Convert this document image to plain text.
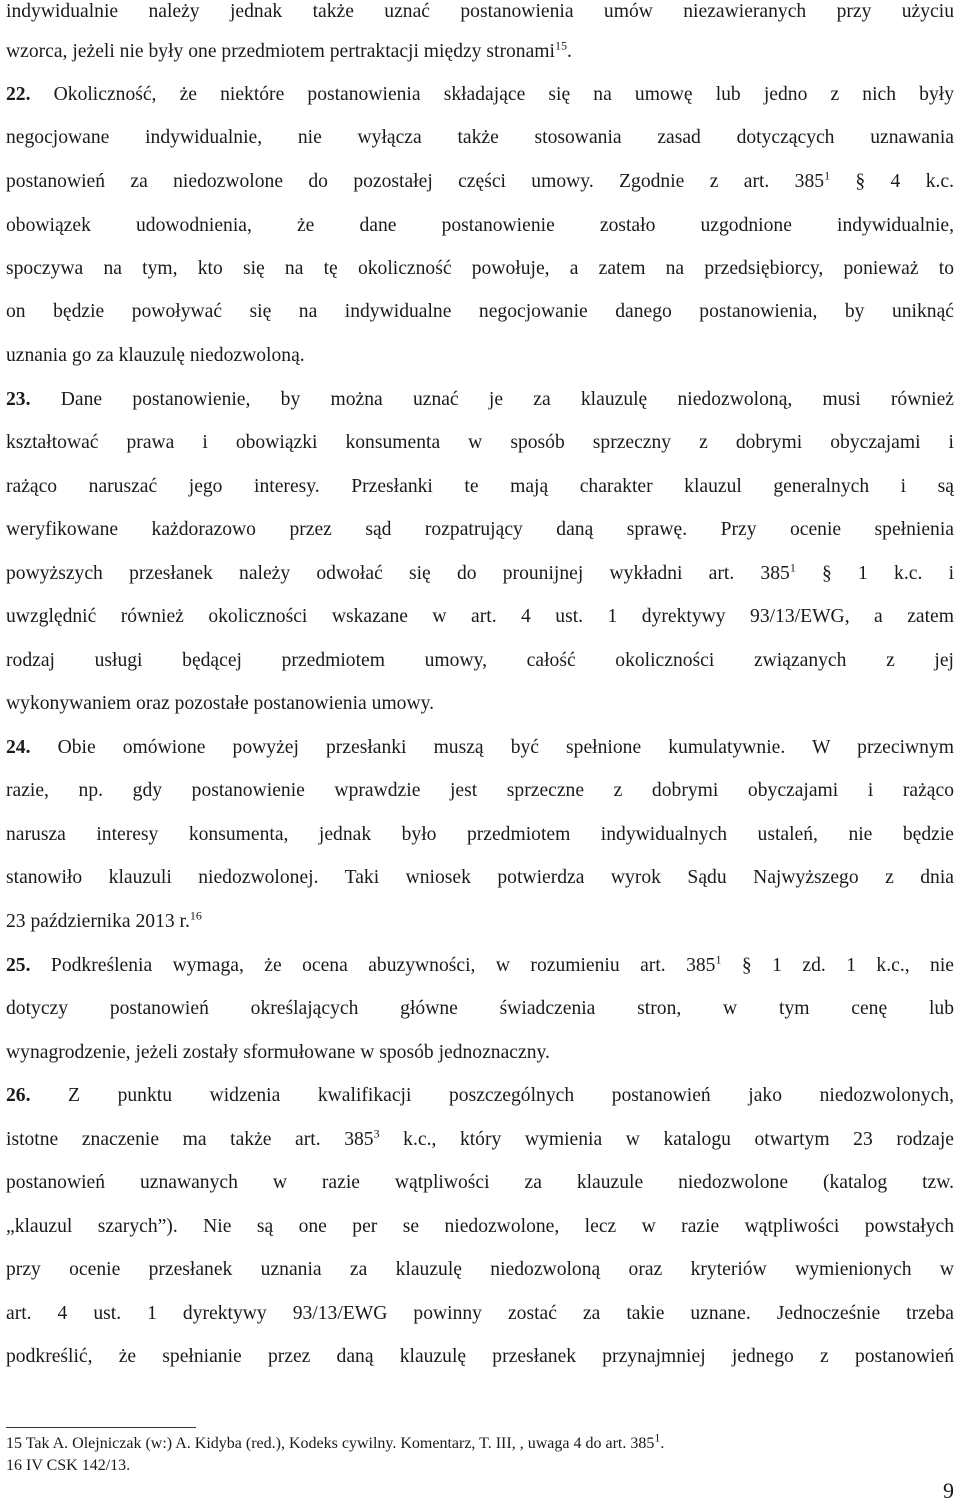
indywidualnie należy jednak także uznać postanowienia umów niezawieranych przy użyciu
wzorca, jeżeli nie były one przedmiotem pertraktacji między stronami$^{15}$.
22. Okoliczność, że niektóre postanowienia składające się na umowę lub jedno z nich były
negocjowane indywidualnie, nie wyłącza także stosowania zasad dotyczących uznawania
postanowień za niedozwolone do pozostałej części umowy. Zgodnie z art. $385^1$ § 4 k.c.
obowiązek udowodnienia, że dane postanowienie zostało uzgodnione indywidualnie,
spoczywa na tym, kto się na tę okoliczność powołuje, a zatem na przedsiębiorcy, ponieważ to
on będzie powoływać się na indywidualne negocjowanie danego postanowienia, by uniknąć
uznania go za klauzulę niedozwoloną.
23. Dane postanowienie, by można uznać je za klauzulę niedozwoloną, musi również
kształtować prawa i obowiązki konsumenta w sposób sprzeczny z dobrymi obyczajami i
rażąco naruszać jego interesy. Przesłanki te mają charakter klauzul generalnych i są
weryfikowane każdorazowo przez sąd rozpatrujący daną sprawę. Przy ocenie spełnienia
powyższych przesłanek należy odwołać się do prounijnej wykładni art. $385^1$ § 1 k.c. i
uwzględnić również okoliczności wskazane w art. 4 ust. 1 dyrektywy 93/13/EWG, a zatem
rodzaj usługi będącej przedmiotem umowy, całość okoliczności związanych z jej
wykonywaniem oraz pozostałe postanowienia umowy.
24. Obie omówione powyżej przesłanki muszą być spełnione kumulatywnie. W przeciwnym
razie, np. gdy postanowienie wprawdzie jest sprzeczne z dobrymi obyczajami i rażąco
narusza interesy konsumenta, jednak było przedmiotem indywidualnych ustaleń, nie będzie
stanowiło klauzuli niedozwolonej. Taki wniosek potwierdza wyrok Sądu Najwyższego z dnia
23 października 2013 r.$^{16}$
25. Podkreślenia wymaga, że ocena abuzywności, w rozumieniu art. $385^1$ § 1 zd. 1 k.c., nie
dotyczy postanowień określających główne świadczenia stron, w tym cenę lub
wynagrodzenie, jeżeli zostały sformułowane w sposób jednoznaczny.
26. Z punktu widzenia kwalifikacji poszczególnych postanowień jako niedozwolonych,
istotne znaczenie ma także art. $385^3$ k.c., który wymienia w katalogu otwartym 23 rodzaje
postanowień uznawanych w razie wątpliwości za klauzule niedozwolone (katalog tzw.
„klauzul szarych”). Nie są one per se niedozwolone, lecz w razie wątpliwości powstałych
przy ocenie przesłanek uznania za klauzulę niedozwoloną oraz kryteriów wymienionych w
art. 4 ust. 1 dyrektywy 93/13/EWG powinny zostać za takie uznane. Jednocześnie trzeba
podkreślić, że spełnianie przez daną klauzulę przesłanek przynajmniej jednego z postanowień
15 Tak A. Olejniczak (w:) A. Kidyba (red.), Kodeks cywilny. Komentarz, T. III, , uwaga 4 do art. $385^1$.
16 IV CSK 142/13.
9
